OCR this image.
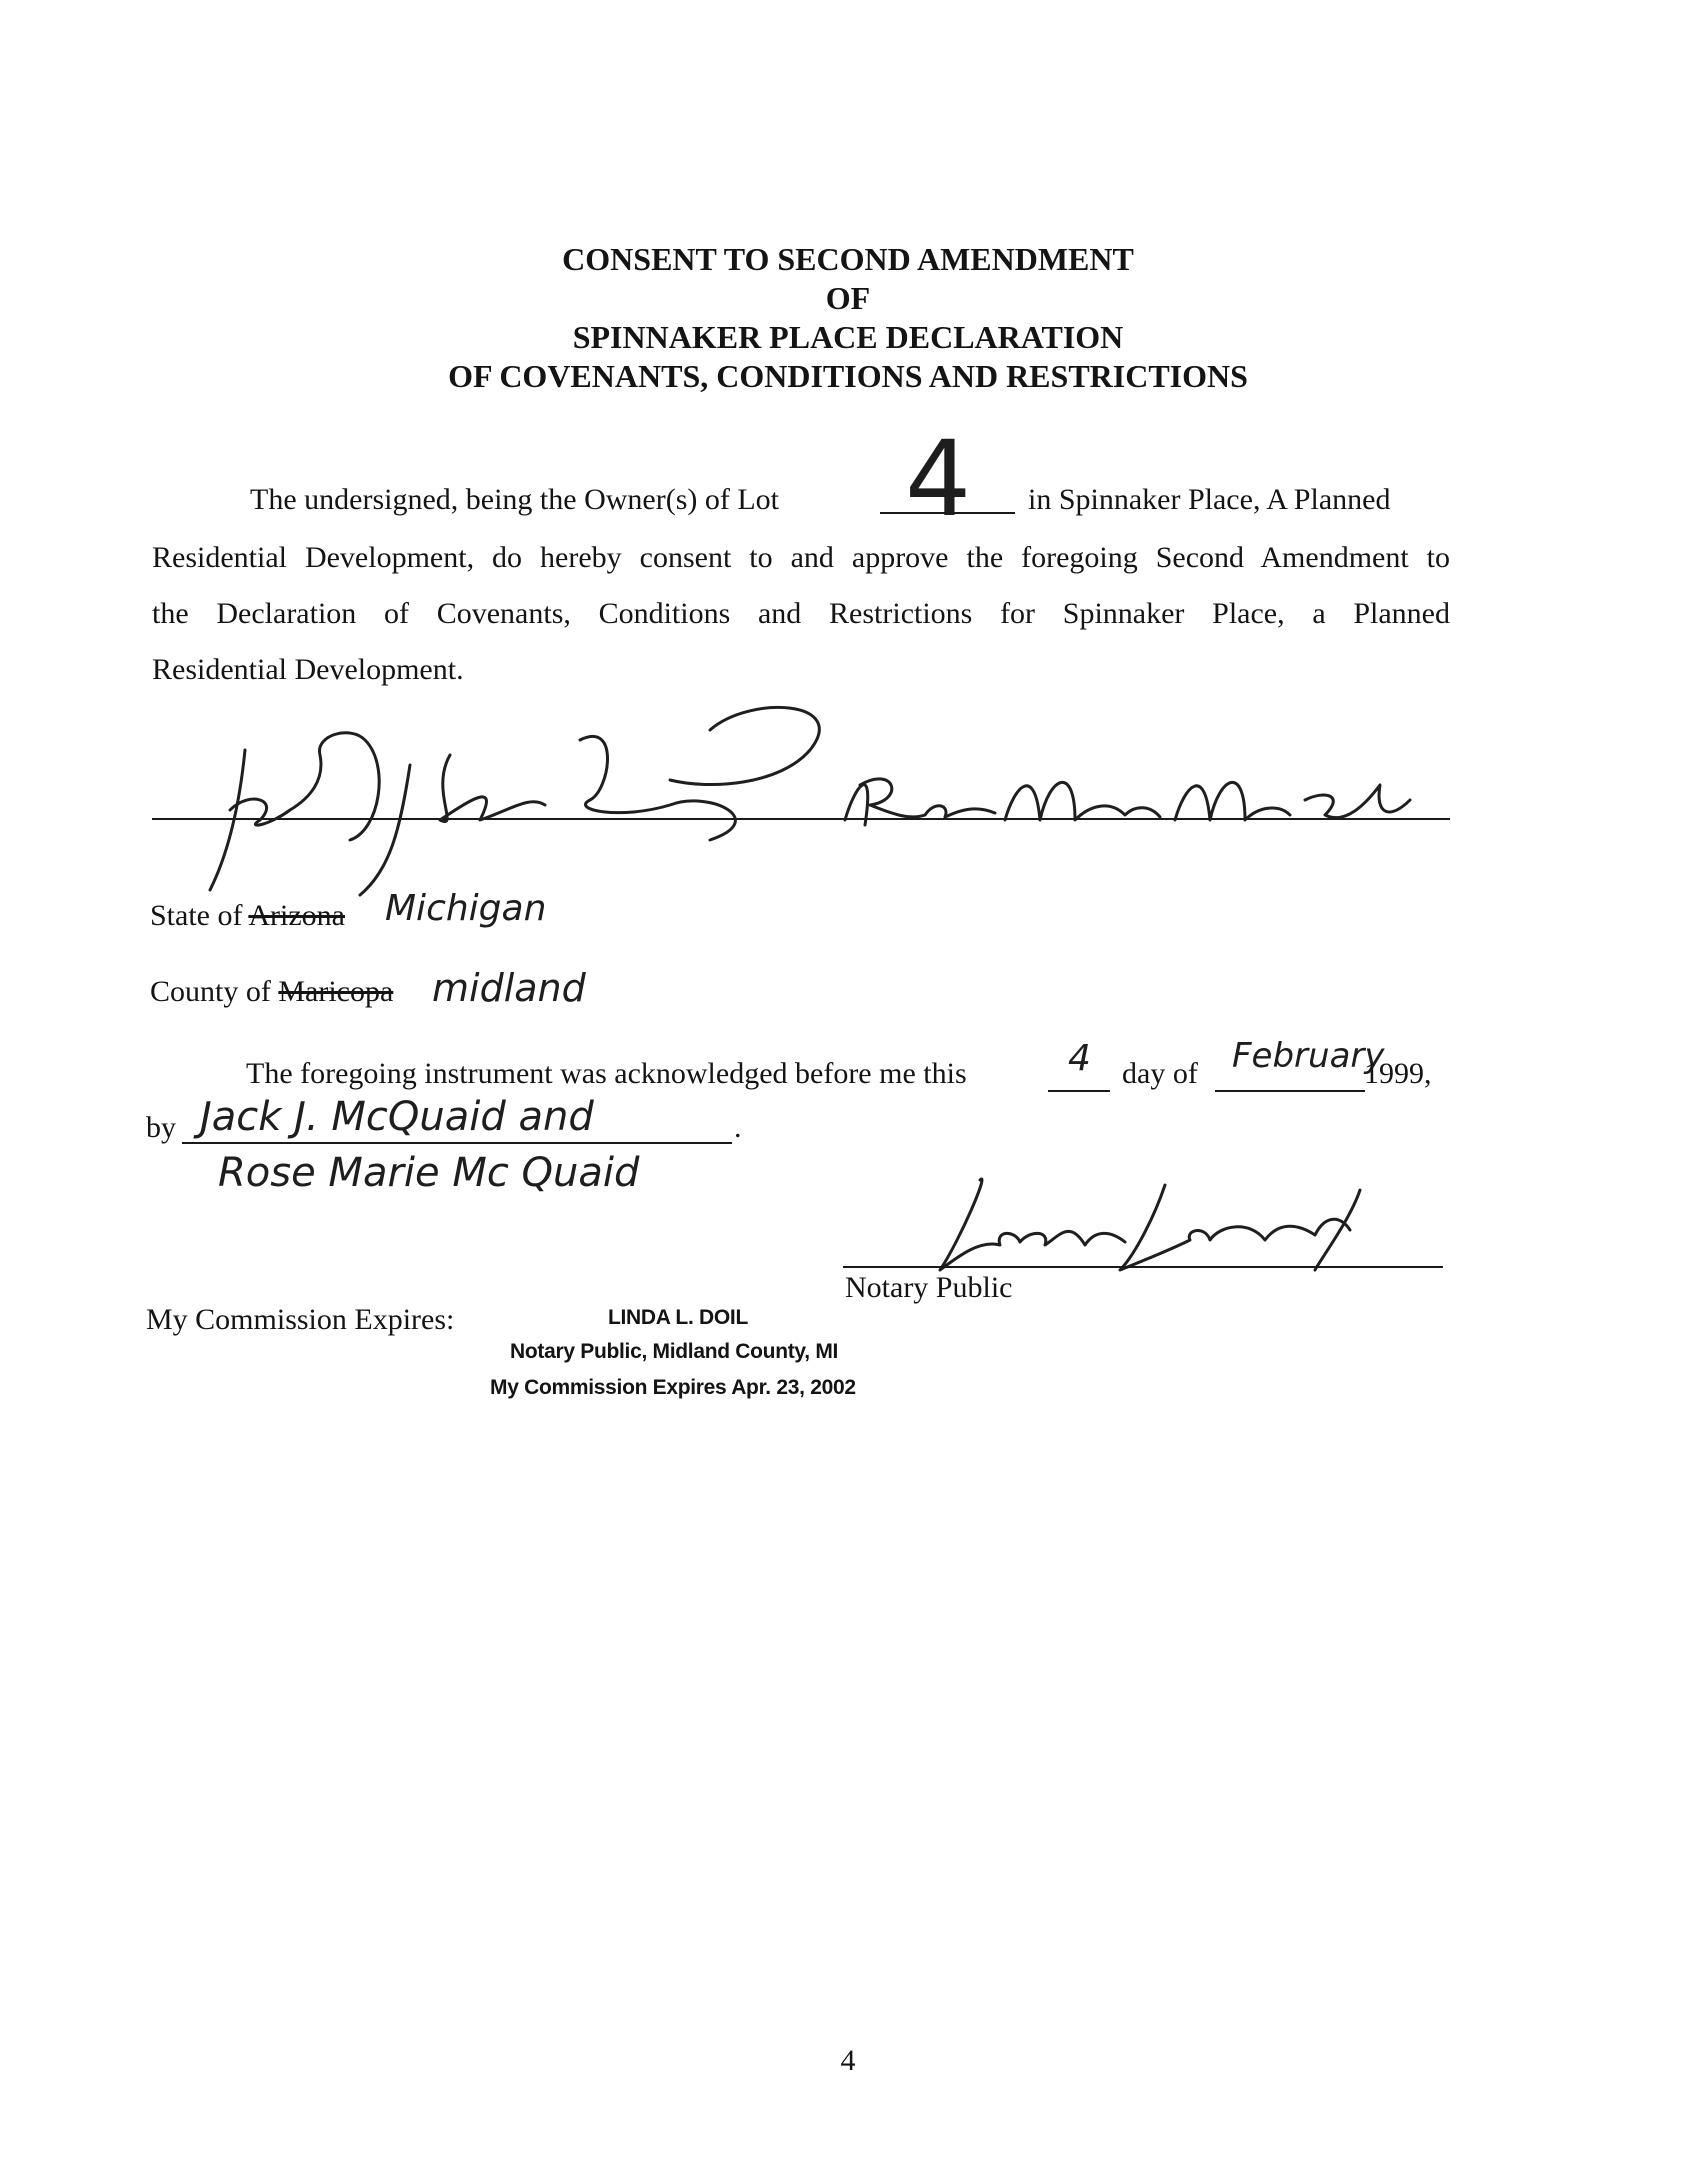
CONSENT TO SECOND AMENDMENT
OF
SPINNAKER PLACE DECLARATION
OF COVENANTS, CONDITIONS AND RESTRICTIONS
The undersigned, being the Owner(s) of Lot 4 in Spinnaker Place, A Planned
Residential Development, do hereby consent to and approve the foregoing Second Amendment to
the Declaration of Covenants, Conditions and Restrictions for Spinnaker Place, a Planned
Residential Development.
State of Arizona Michigan
County of Maricopa midland
The foregoing instrument was acknowledged before me this	4 day of February
1999,
by Jack J. McQuaid and	.
Rose Marie Mc Quaid
Notary Public
My Commission Expires:	LINDA L. DOIL
Notary Public, Midland County, MI
My Commission Expires Apr. 23, 2002
4
